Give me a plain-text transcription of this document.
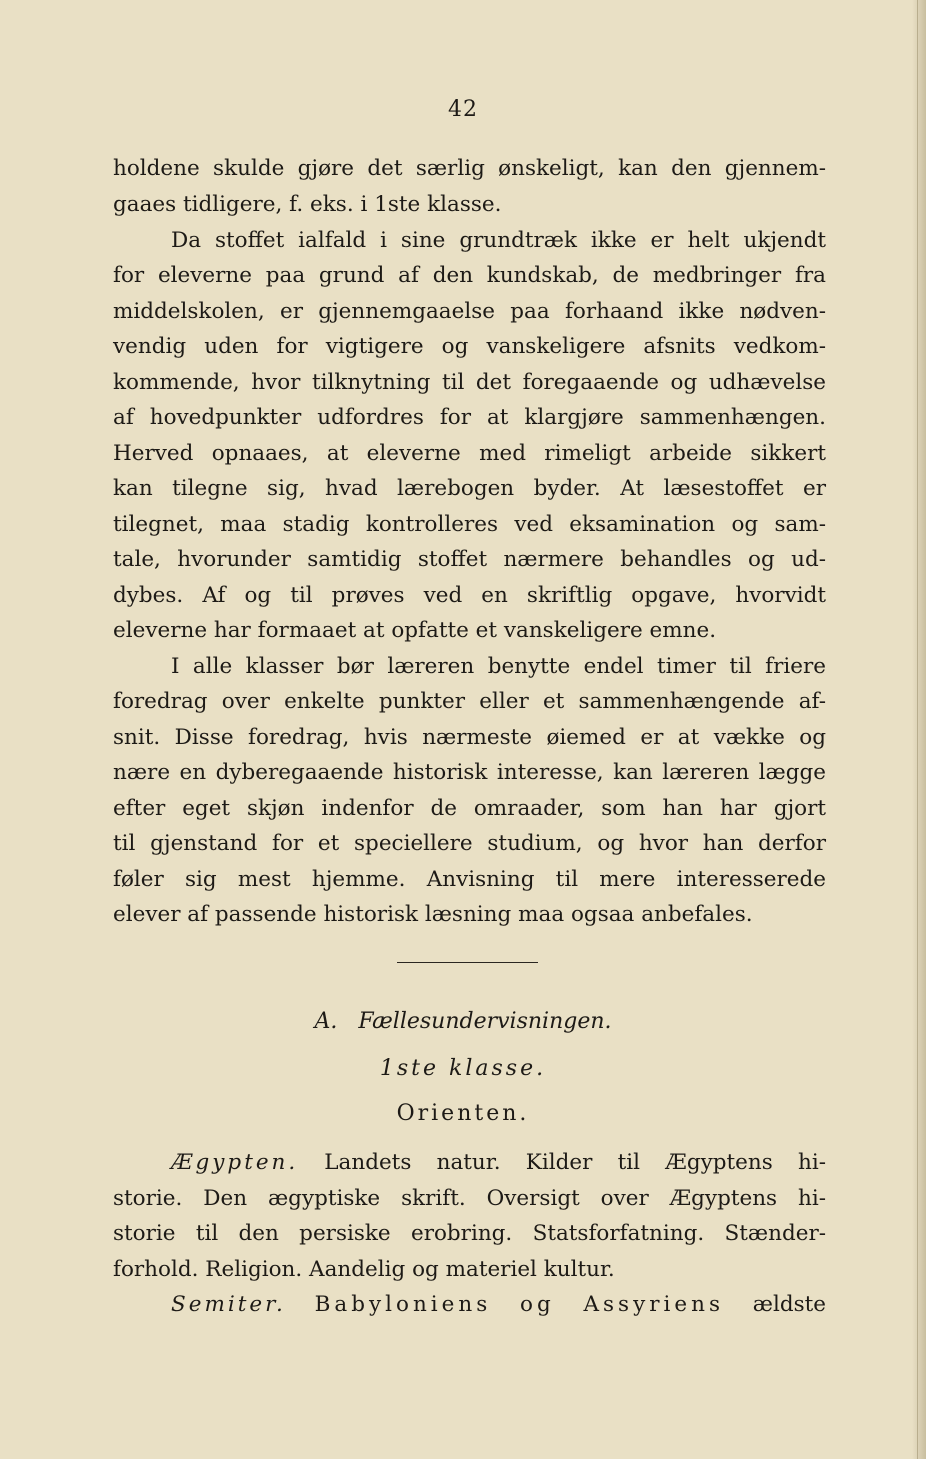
42
holdene skulde gjøre det særlig ønskeligt, kan den gjennem-
gaaes tidligere, f. eks. i 1ste klasse.
Da stoffet ialfald i sine grundtræk ikke er helt ukjendt
for eleverne paa grund af den kundskab, de medbringer fra
middelskolen, er gjennemgaaelse paa forhaand ikke nødven-
vendig uden for vigtigere og vanskeligere afsnits vedkom-
kommende, hvor tilknytning til det foregaaende og udhævelse
af hovedpunkter udfordres for at klargjøre sammenhængen.
Herved opnaaes, at eleverne med rimeligt arbeide sikkert
kan tilegne sig, hvad lærebogen byder. At læsestoffet er
tilegnet, maa stadig kontrolleres ved eksamination og sam-
tale, hvorunder samtidig stoffet nærmere behandles og ud-
dybes. Af og til prøves ved en skriftlig opgave, hvorvidt
eleverne har formaaet at opfatte et vanskeligere emne.
I alle klasser bør læreren benytte endel timer til friere
foredrag over enkelte punkter eller et sammenhængende af-
snit. Disse foredrag, hvis nærmeste øiemed er at vække og
nære en dyberegaaende historisk interesse, kan læreren lægge
efter eget skjøn indenfor de omraader, som han har gjort
til gjenstand for et speciellere studium, og hvor han derfor
føler sig mest hjemme. Anvisning til mere interesserede
elever af passende historisk læsning maa ogsaa anbefales.
A. Fællesundervisningen.
1ste klasse.
Orienten.
Ægypten. Landets natur. Kilder til Ægyptens hi-
storie. Den ægyptiske skrift. Oversigt over Ægyptens hi-
storie til den persiske erobring. Statsforfatning. Stænder-
forhold. Religion. Aandelig og materiel kultur.
Semiter. Babyloniens og Assyriens ældste
